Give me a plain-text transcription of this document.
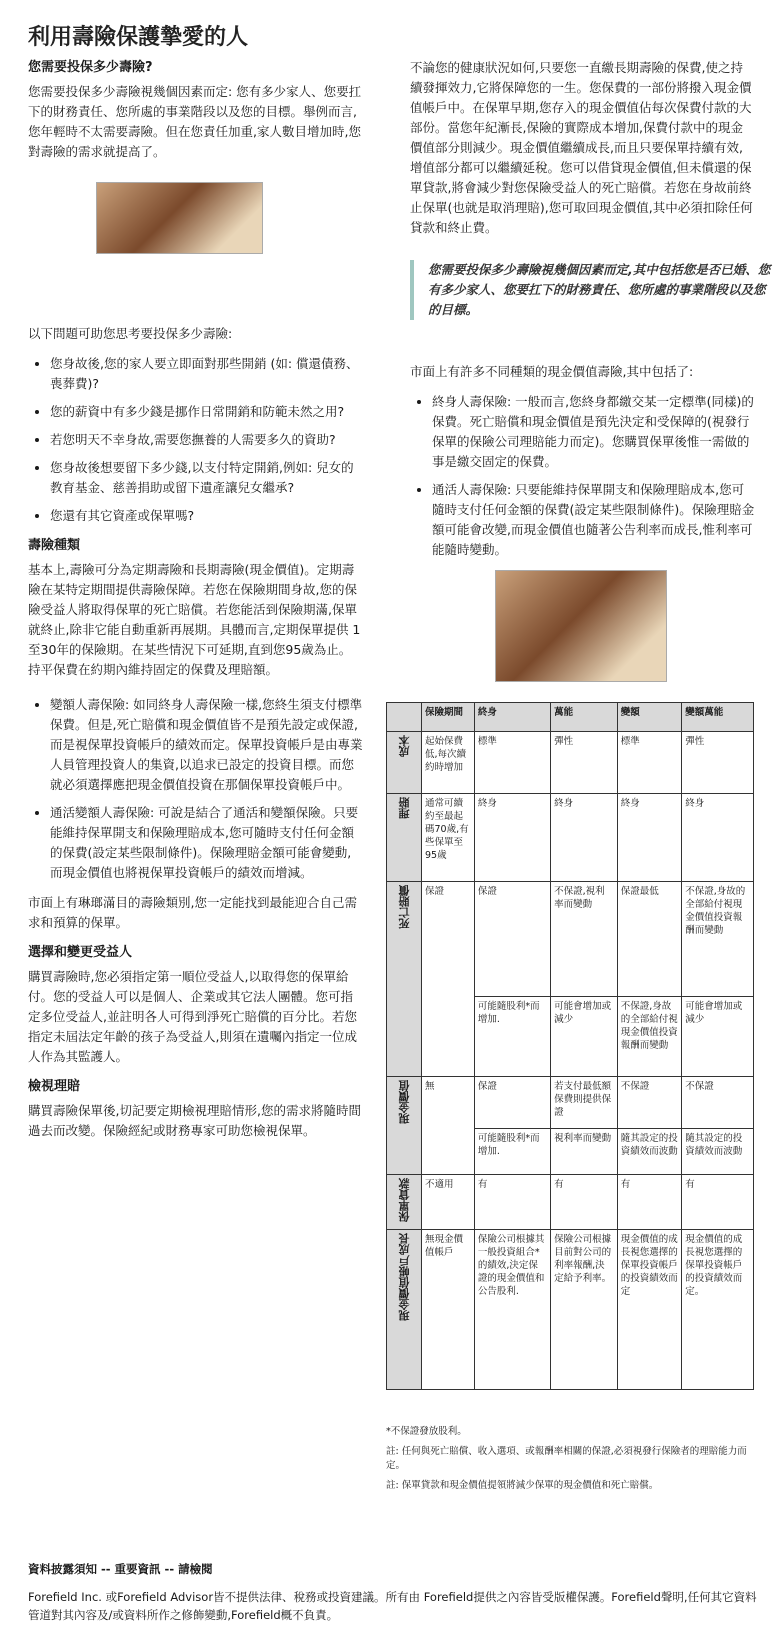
利用壽險保護摯愛的人
您需要投保多少壽險?

您需要投保多少壽險視幾個因素而定: 您有多少家人、您要扛下的財務責任、您所處的事業階段以及您的目標。舉例而言,您年輕時不太需要壽險。但在您責任加重,家人數目增加時,您對壽險的需求就提高了。

以下問題可助您思考要投保多少壽險:

• 您身故後,您的家人要立即面對那些開銷 (如: 償還債務、喪葬費)?
• 您的薪資中有多少錢是挪作日常開銷和防範未然之用?
• 若您明天不幸身故,需要您撫養的人需要多久的資助?
• 您身故後想要留下多少錢,以支付特定開銷,例如: 兒女的教育基金、慈善捐助或留下遺產讓兒女繼承?
• 您還有其它資產或保單嗎?
壽險種類

基本上,壽險可分為定期壽險和長期壽險(現金價值)。定期壽險在某特定期間提供壽險保障。若您在保險期間身故,您的保險受益人將取得保單的死亡賠償。若您能活到保險期滿,保單就終止,除非它能自動重新再展期。具體而言,定期保單提供 1至30年的保險期。在某些情況下可延期,直到您95歲為止。持平保費在約期內維持固定的保費及理賠額。

• 變額人壽保險: 如同終身人壽保險一樣,您終生須支付標準保費。但是,死亡賠償和現金價值皆不是預先設定或保證,而是視保單投資帳戶的績效而定。保單投資帳戶是由專業人員管理投資人的集資,以追求已設定的投資目標。而您就必須選擇應把現金價值投資在那個保單投資帳戶中。
• 通活變額人壽保險: 可說是結合了通活和變額保險。只要能維持保單開支和保險理賠成本,您可隨時支付任何金額的保費(設定某些限制條件)。保險理賠金額可能會變動,而現金價值也將視保單投資帳戶的績效而增減。

市面上有琳瑯滿目的壽險類別,您一定能找到最能迎合自己需求和預算的保單。

選擇和變更受益人

購買壽險時,您必須指定第一順位受益人,以取得您的保單給付。您的受益人可以是個人、企業或其它法人團體。您可指定多位受益人,並註明各人可得到淨死亡賠償的百分比。若您指定未屆法定年齡的孩子為受益人,則須在遺囑內指定一位成人作為其監護人。

檢視理賠

購買壽險保單後,切記要定期檢視理賠情形,您的需求將隨時間過去而改變。保險經紀或財務專家可助您檢視保單。

不論您的健康狀況如何,只要您一直繳長期壽險的保費,使之持續發揮效力,它將保障您的一生。您保費的一部份將撥入現金價值帳戶中。在保單早期,您存入的現金價值佔每次保費付款的大部份。當您年紀漸長,保險的實際成本增加,保費付款中的現金價值部分則減少。現金價值繼續成長,而且只要保單持續有效,增值部分都可以繼續延稅。您可以借貸現金價值,但未償還的保單貸款,將會減少對您保險受益人的死亡賠償。若您在身故前終止保單(也就是取消理賠),您可取回現金價值,其中必須扣除任何貸款和終止費。

您需要投保多少壽險視幾個因素而定,其中包括您是否已婚、您有多少家人、您要扛下的財務責任、您所處的事業階段以及您的目標。

市面上有許多不同種類的現金價值壽險,其中包括了:

• 終身人壽保險: 一般而言,您終身都繳交某一定標準(同樣)的保費。死亡賠償和現金價值是預先決定和受保障的(視發行保單的保險公司理賠能力而定)。您購買保單後惟一需做的事是繳交固定的保費。
• 通活人壽保險: 只要能維持保單開支和保險理賠成本,您可隨時支付任何金額的保費(設定某些限制條件)。保險理賠金額可能會改變,而現金價值也隨著公告利率而成長,惟利率可能隨時變動。
	保險期間	終身	萬能	變額	變額萬能
成本	起始保費低,每次續約時增加	標準	彈性	標準	彈性
理賠	通常可續約至最起碼70歲,有些保單至95歲	終身	終身	終身	終身
死亡賠償	保證	保證	不保證,視利率而變動	保證最低	不保證,身故的全部給付視現金價值投資報酬而變動
		可能隨股利*而增加.	可能會增加或減少	不保證,身故的全部給付視現金價值投資報酬而變動	可能會增加或減少
現金價值	無	保證	若支付最低額保費則提供保證	不保證	不保證
		可能隨股利*而增加.	視利率而變動	隨其設定的投資績效而波動	隨其設定的投資績效而波動
保單貸款	不適用	有	有	有	有
現金價值帳戶成長	無現金價值帳戶	保險公司根據其一般投資組合*的績效,決定保證的現金價值和公告股利.	保險公司根據目前對公司的利率報酬,決定給予利率。	現金價值的成長視您選擇的保單投資帳戶的投資績效而定	現金價值的成長視您選擇的保單投資帳戶的投資績效而定。
*不保證發放股利。
註: 任何與死亡賠償、收入選項、或報酬率相關的保證,必須視發行保險者的理賠能力而定。
註: 保單貸款和現金價值提領將減少保單的現金價值和死亡賠償。
資料披露須知 -- 重要資訊 -- 請檢閱
Forefield Inc. 或Forefield Advisor皆不提供法律、稅務或投資建議。所有由 Forefield提供之內容皆受版權保護。Forefield聲明,任何其它資料管道對其內容及/或資料所作之修飾變動,Forefield概不負責。
